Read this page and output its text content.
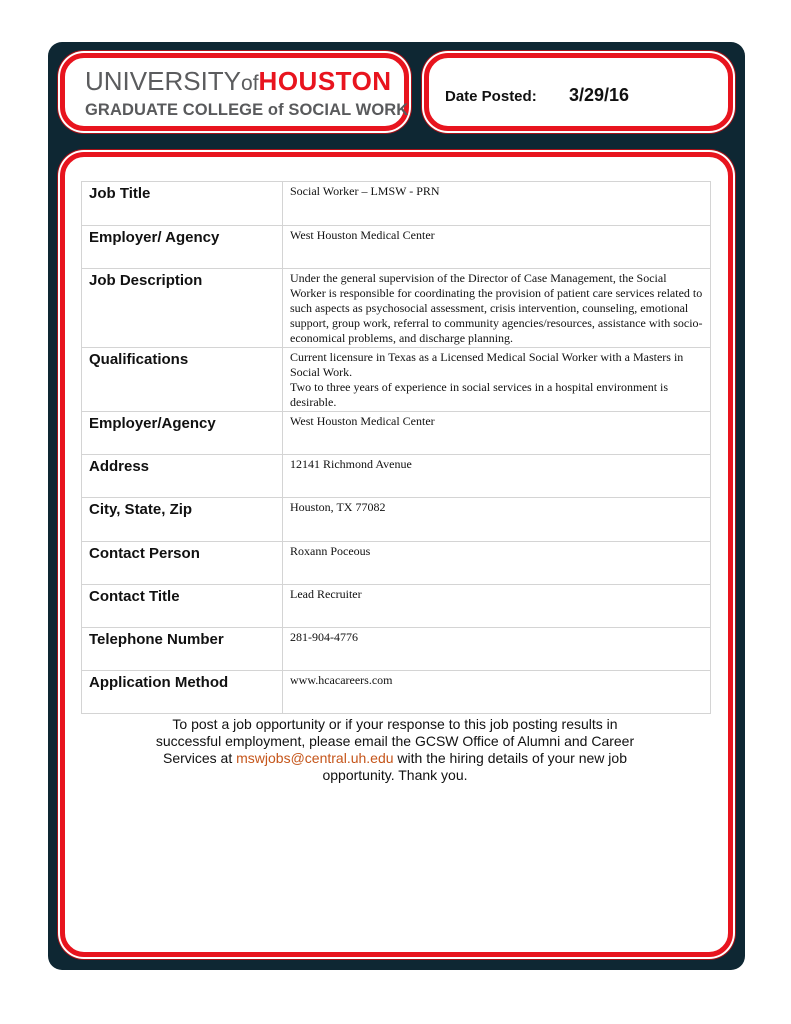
UNIVERSITYofHOUSTON
GRADUATE COLLEGE of SOCIAL WORK
Date Posted: 3/29/16
Job Title	Social Worker – LMSW - PRN
Employer/ Agency	West Houston Medical Center
Job Description	Under the general supervision of the Director of Case Management, the Social Worker is responsible for coordinating the provision of patient care services related to such aspects as psychosocial assessment, crisis intervention, counseling, emotional support, group work, referral to community agencies/resources, assistance with socio-economical problems, and discharge planning.
Qualifications	Current licensure in Texas as a Licensed Medical Social Worker with a Masters in Social Work.
Two to three years of experience in social services in a hospital environment is desirable.

Employer/Agency	West Houston Medical Center
Address	12141 Richmond Avenue
City, State, Zip	Houston, TX 77082
Contact Person	Roxann Poceous
Contact Title	Lead Recruiter
Telephone Number	281-904-4776
Application Method	www.hcacareers.com
To post a job opportunity or if your response to this job posting results in successful employment, please email the GCSW Office of Alumni and Career Services at mswjobs@central.uh.edu with the hiring details of your new job opportunity. Thank you.
